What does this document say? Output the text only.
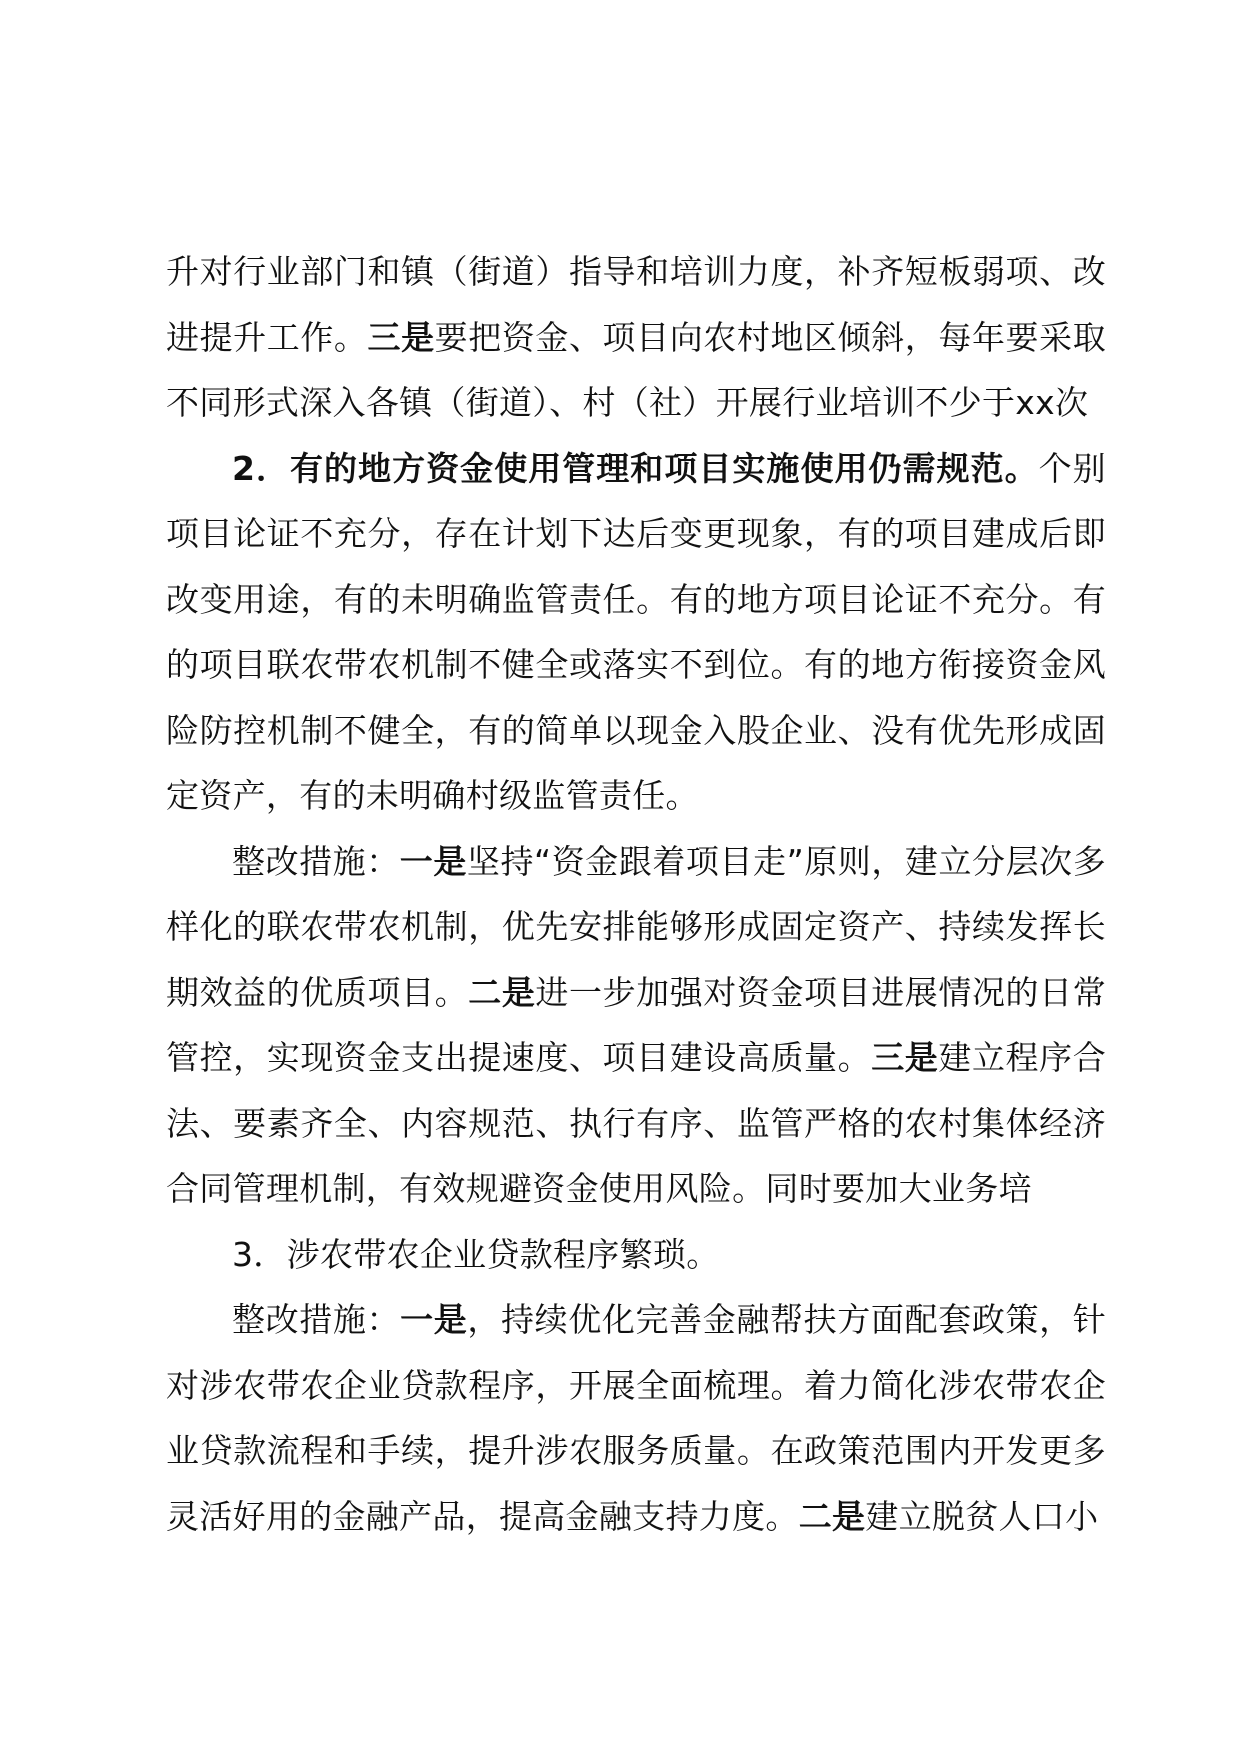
升对行业部门和镇（街道）指导和培训力度，补齐短板弱项、改进提升工作。三是要把资金、项目向农村地区倾斜，每年要采取不同形式深入各镇（街道）、村（社）开展行业培训不少于xx次

2．有的地方资金使用管理和项目实施使用仍需规范。个别项目论证不充分，存在计划下达后变更现象，有的项目建成后即改变用途，有的未明确监管责任。有的地方项目论证不充分。有的项目联农带农机制不健全或落实不到位。有的地方衔接资金风险防控机制不健全，有的简单以现金入股企业、没有优先形成固定资产，有的未明确村级监管责任。

整改措施：一是坚持“资金跟着项目走”原则，建立分层次多样化的联农带农机制，优先安排能够形成固定资产、持续发挥长期效益的优质项目。二是进一步加强对资金项目进展情况的日常管控，实现资金支出提速度、项目建设高质量。三是建立程序合法、要素齐全、内容规范、执行有序、监管严格的农村集体经济合同管理机制，有效规避资金使用风险。同时要加大业务培

3．涉农带农企业贷款程序繁琐。

整改措施：一是，持续优化完善金融帮扶方面配套政策，针对涉农带农企业贷款程序，开展全面梳理。着力简化涉农带农企业贷款流程和手续，提升涉农服务质量。在政策范围内开发更多灵活好用的金融产品，提高金融支持力度。二是建立脱贫人口小
